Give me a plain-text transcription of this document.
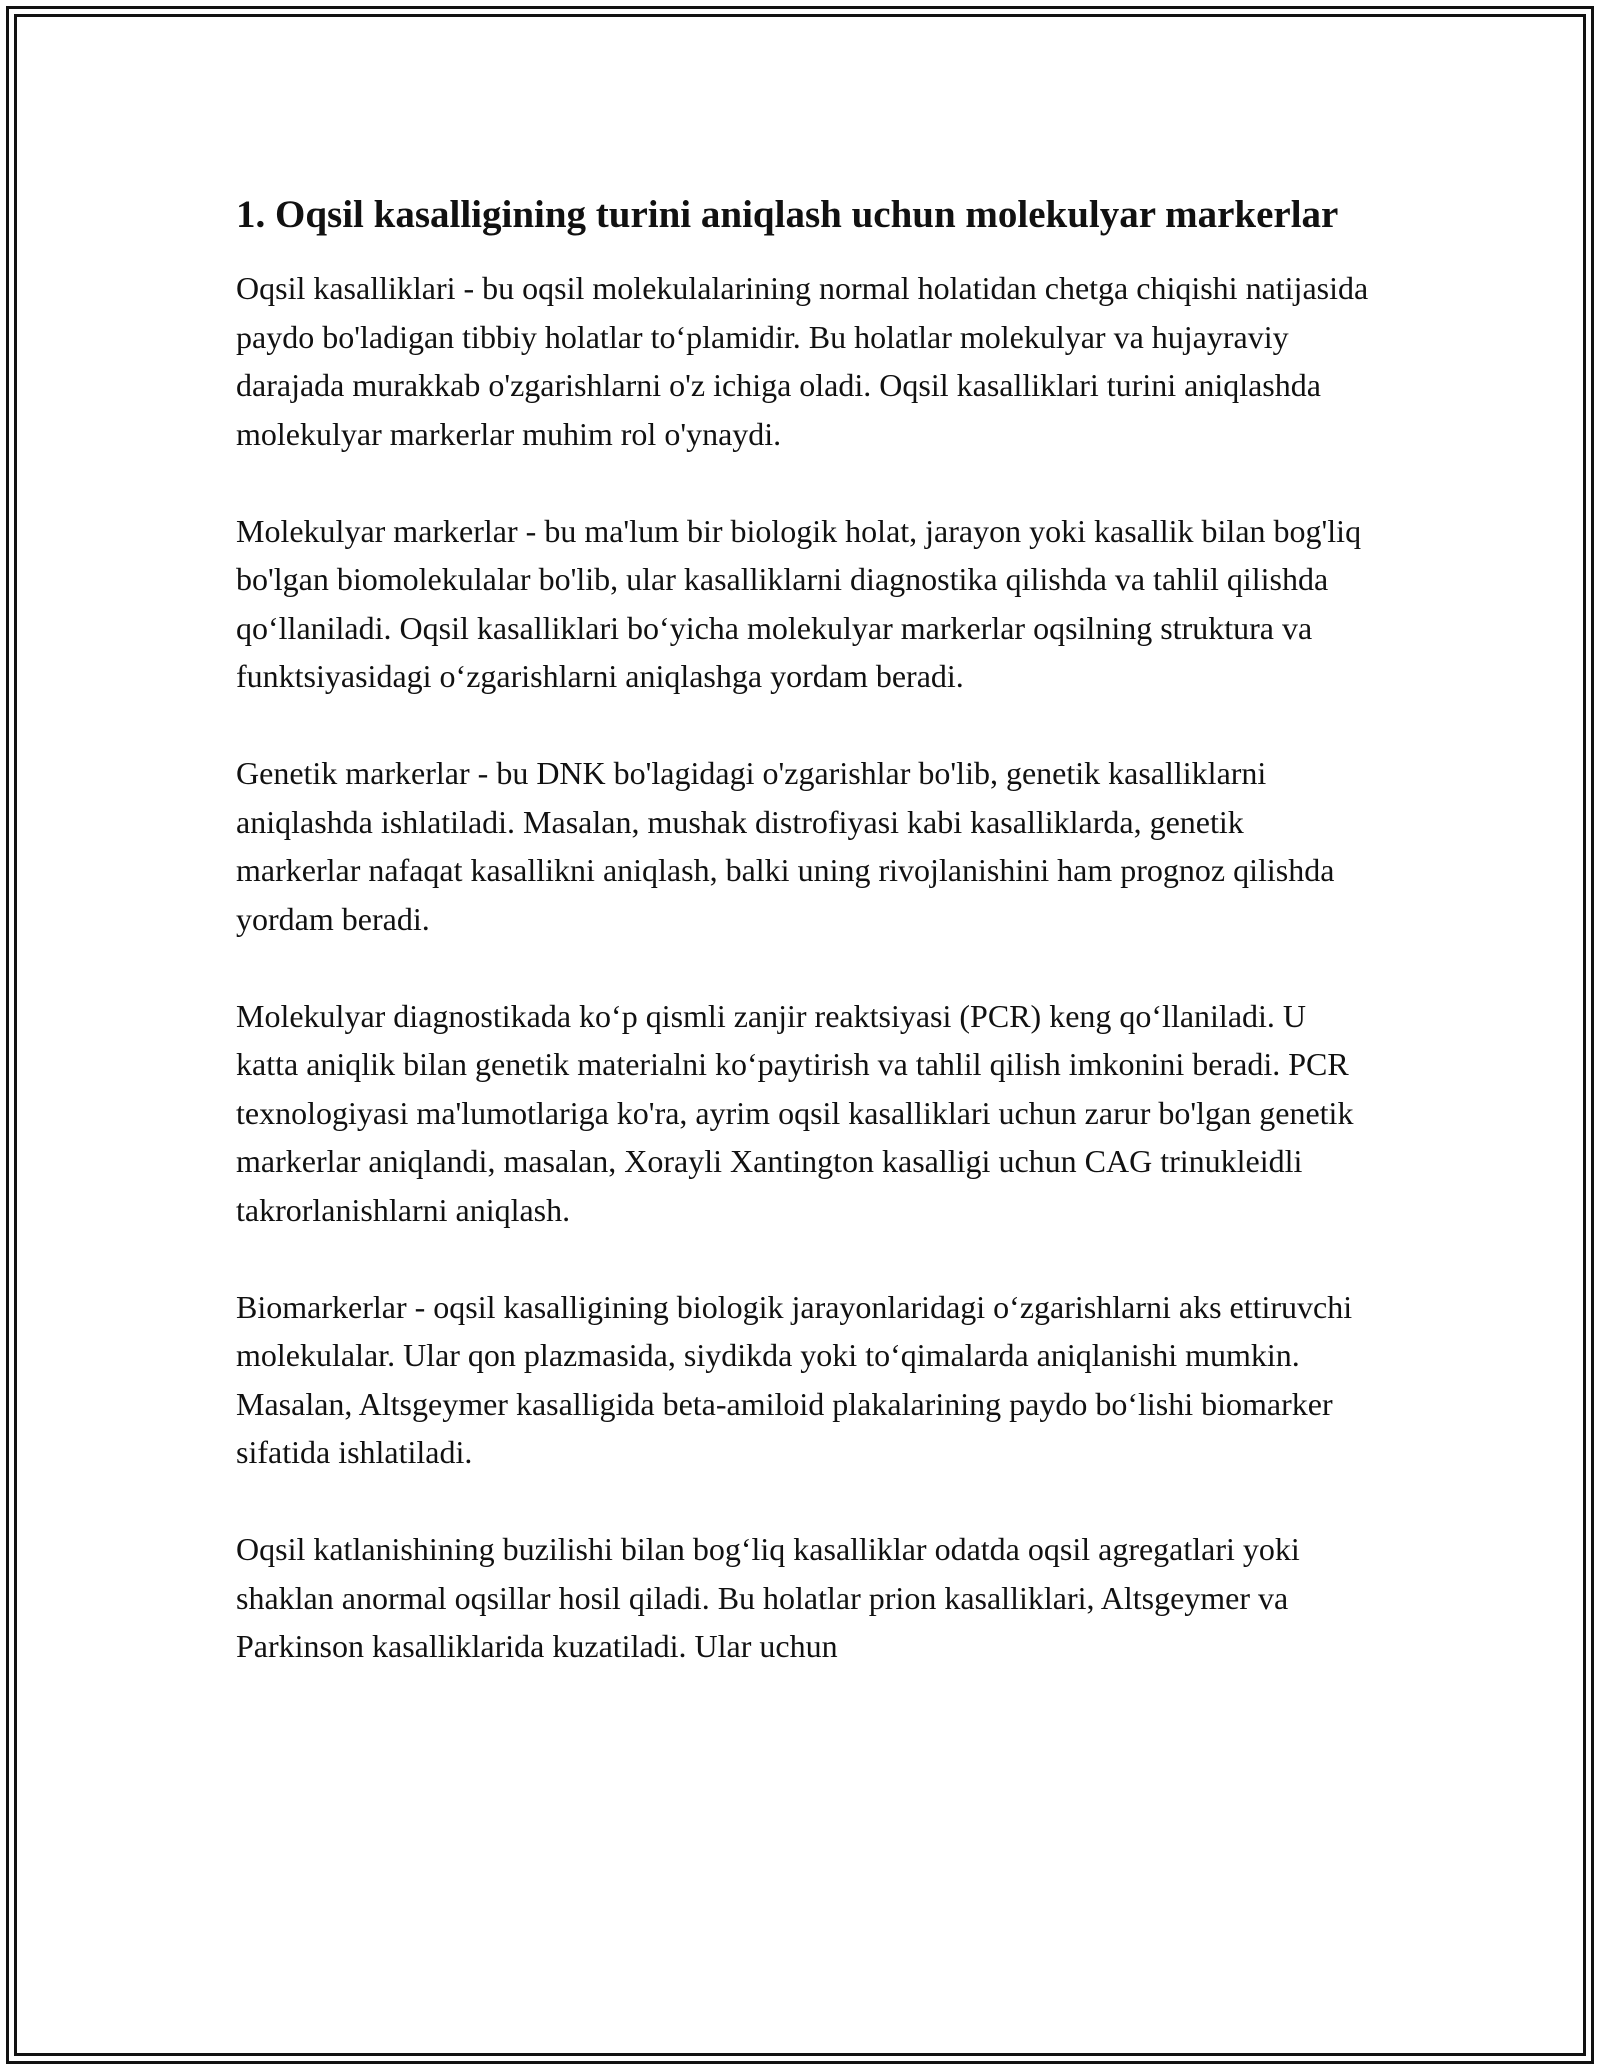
1. Oqsil kasalligining turini aniqlash uchun molekulyar markerlar

Oqsil kasalliklari - bu oqsil molekulalarining normal holatidan chetga chiqishi natijasida paydo bo'ladigan tibbiy holatlar to‘plamidir. Bu holatlar molekulyar va hujayraviy darajada murakkab o'zgarishlarni o'z ichiga oladi. Oqsil kasalliklari turini aniqlashda molekulyar markerlar muhim rol o'ynaydi.

Molekulyar markerlar - bu ma'lum bir biologik holat, jarayon yoki kasallik bilan bog'liq bo'lgan biomolekulalar bo'lib, ular kasalliklarni diagnostika qilishda va tahlil qilishda qo‘llaniladi. Oqsil kasalliklari bo‘yicha molekulyar markerlar oqsilning struktura va funktsiyasidagi o‘zgarishlarni aniqlashga yordam beradi.

Genetik markerlar - bu DNK bo'lagidagi o'zgarishlar bo'lib, genetik kasalliklarni aniqlashda ishlatiladi. Masalan, mushak distrofiyasi kabi kasalliklarda, genetik markerlar nafaqat kasallikni aniqlash, balki uning rivojlanishini ham prognoz qilishda yordam beradi.

Molekulyar diagnostikada ko‘p qismli zanjir reaktsiyasi (PCR) keng qo‘llaniladi. U katta aniqlik bilan genetik materialni ko‘paytirish va tahlil qilish imkonini beradi. PCR texnologiyasi ma'lumotlariga ko'ra, ayrim oqsil kasalliklari uchun zarur bo'lgan genetik markerlar aniqlandi, masalan, Xorayli Xantington kasalligi uchun CAG trinukleidli takrorlanishlarni aniqlash.

Biomarkerlar - oqsil kasalligining biologik jarayonlaridagi o‘zgarishlarni aks ettiruvchi molekulalar. Ular qon plazmasida, siydikda yoki to‘qimalarda aniqlanishi mumkin. Masalan, Altsgeymer kasalligida beta-amiloid plakalarining paydo bo‘lishi biomarker sifatida ishlatiladi.

Oqsil katlanishining buzilishi bilan bog‘liq kasalliklar odatda oqsil agregatlari yoki shaklan anormal oqsillar hosil qiladi. Bu holatlar prion kasalliklari, Altsgeymer va Parkinson kasalliklarida kuzatiladi. Ular uchun
